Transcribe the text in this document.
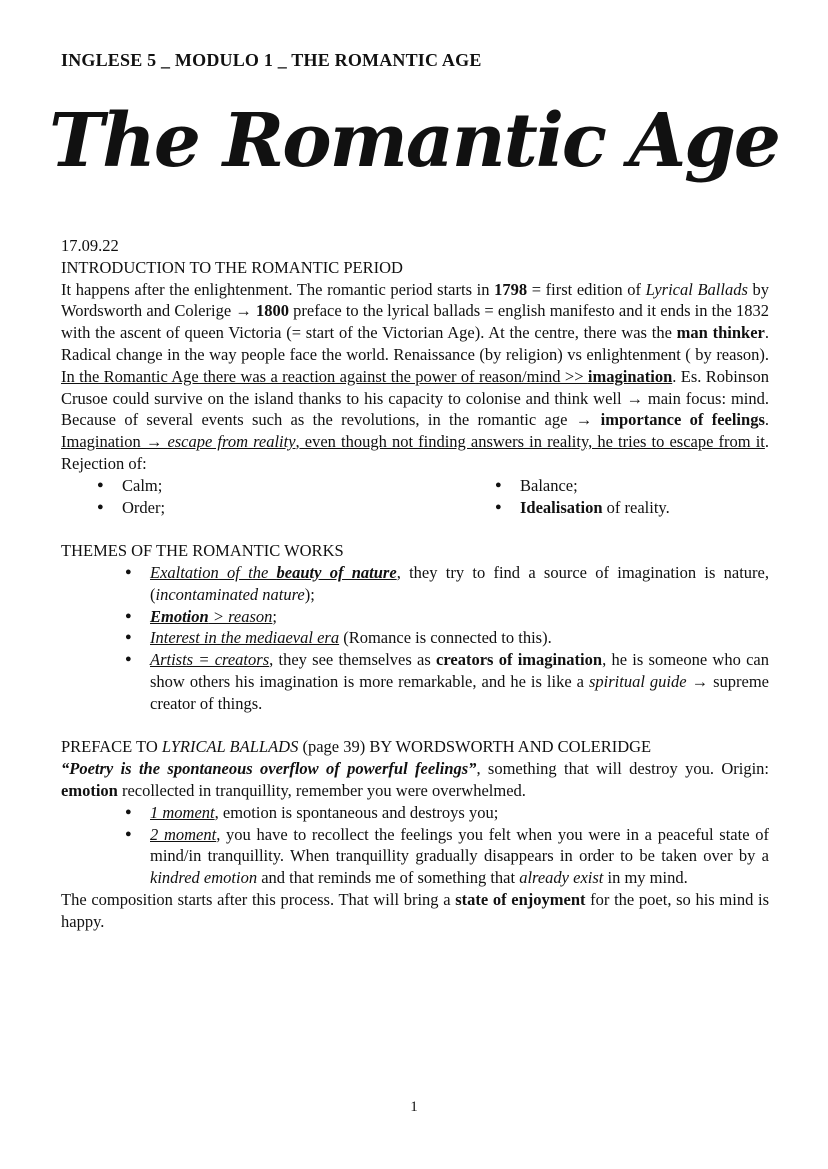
INGLESE 5 _ MODULO 1 _ THE ROMANTIC AGE
The Romantic Age

17.09.22

INTRODUCTION TO THE ROMANTIC PERIOD

It happens after the enlightenment. The romantic period starts in 1798 = first edition of Lyrical Ballads by Wordsworth and Colerige → 1800 preface to the lyrical ballads = english manifesto and it ends in the 1832 with the ascent of queen Victoria (= start of the Victorian Age). At the centre, there was the man thinker. Radical change in the way people face the world. Renaissance (by religion) vs enlightenment ( by reason). In the Romantic Age there was a reaction against the power of reason/mind >> imagination. Es. Robinson Crusoe could survive on the island thanks to his capacity to colonise and think well → main focus: mind. Because of several events such as the revolutions, in the romantic age → importance of feelings. Imagination → escape from reality, even though not finding answers in reality, he tries to escape from it. Rejection of:

● Calm;
● Order;
● Balance;
● Idealisation of reality.

THEMES OF THE ROMANTIC WORKS

● Exaltation of the beauty of nature, they try to find a source of imagination is nature, (incontaminated nature);
● Emotion > reason;
● Interest in the mediaeval era (Romance is connected to this).
● Artists = creators, they see themselves as creators of imagination, he is someone who can show others his imagination is more remarkable, and he is like a spiritual guide → supreme creator of things.

PREFACE TO LYRICAL BALLADS (page 39) BY WORDSWORTH AND COLERIDGE

“Poetry is the spontaneous overflow of powerful feelings”, something that will destroy you. Origin: emotion recollected in tranquillity, remember you were overwhelmed.

● 1 moment, emotion is spontaneous and destroys you;
● 2 moment, you have to recollect the feelings you felt when you were in a peaceful state of mind/in tranquillity. When tranquillity gradually disappears in order to be taken over by a kindred emotion and that reminds me of something that already exist in my mind.

The composition starts after this process. That will bring a state of enjoyment for the poet, so his mind is happy.

1
